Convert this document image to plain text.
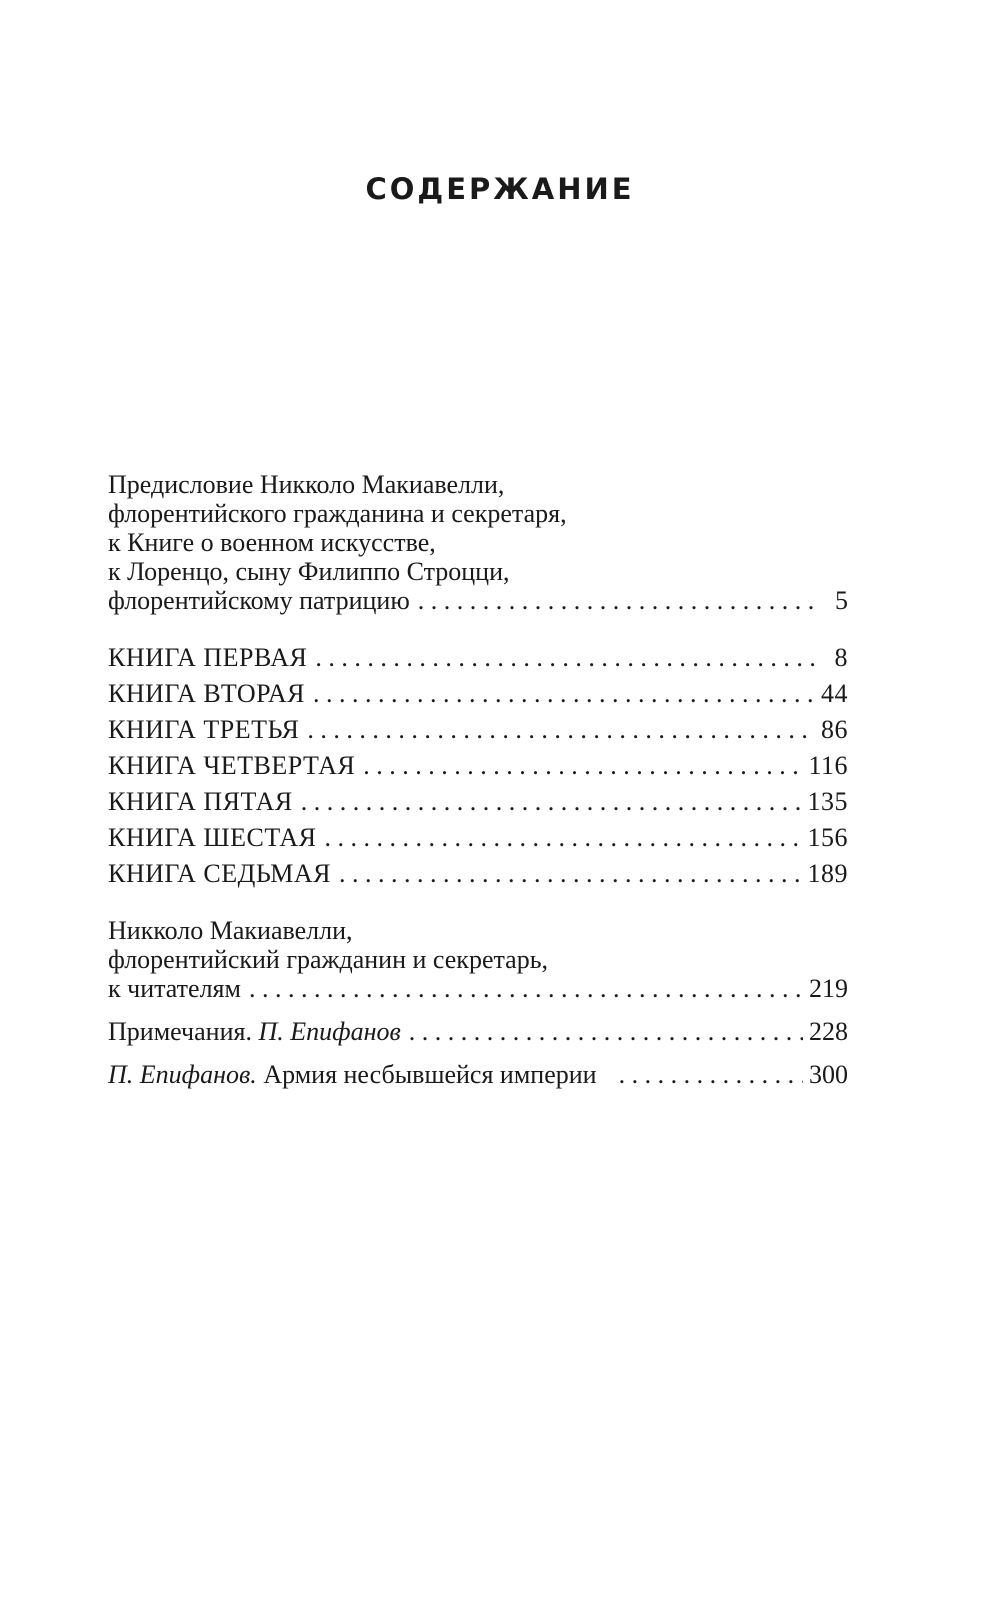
СОДЕРЖАНИЕ
Предисловие Никколо Макиавелли,
флорентийского гражданина и секретаря,
к Книге о военном искусстве,
к Лоренцо, сыну Филиппо Строцци,
флорентийскому патрицию . . .	5
КНИГА ПЕРВАЯ . . .	8
КНИГА ВТОРАЯ . . .	44
КНИГА ТРЕТЬЯ . . .	86
КНИГА ЧЕТВЕРТАЯ . . .	116
КНИГА ПЯТАЯ . . .	135
КНИГА ШЕСТАЯ . . .	156
КНИГА СЕДЬМАЯ . . .	189
Никколо Макиавелли,
флорентийский гражданин и секретарь,
к читателям . . .	219
Примечания. П. Епифанов . . .	228
П. Епифанов. Армия несбывшейся империи . . .	300
